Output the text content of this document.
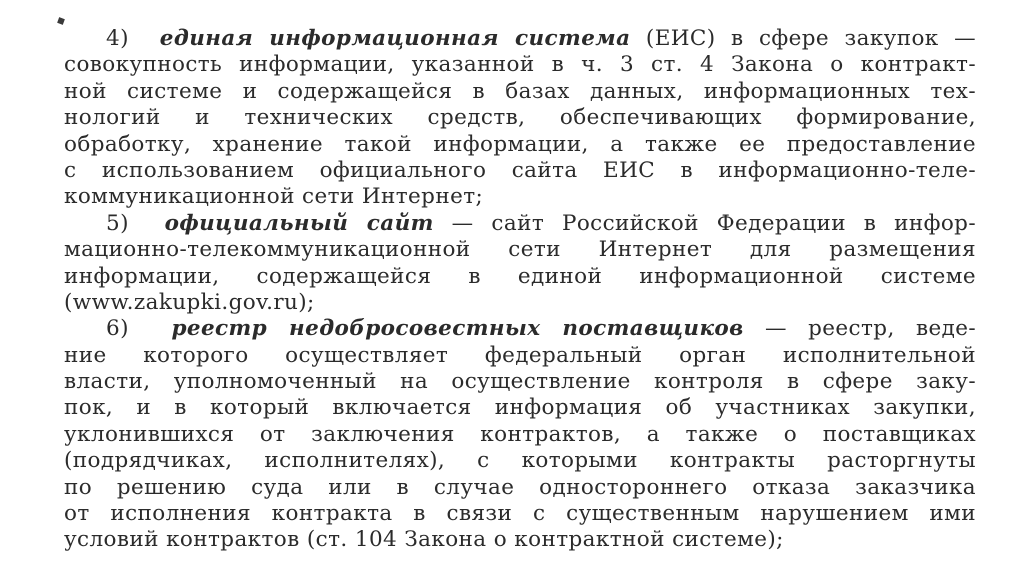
4) единая информационная система (ЕИС) в сфере закупок —
совокупность информации, указанной в ч. 3 ст. 4 Закона о контракт-
ной системе и содержащейся в базах данных, информационных тех-
нологий и технических средств, обеспечивающих формирование,
обработку, хранение такой информации, а также ее предоставление
с использованием официального сайта ЕИС в информационно-теле-
коммуникационной сети Интернет;
5) официальный сайт — сайт Российской Федерации в инфор-
мационно-телекоммуникационной сети Интернет для размещения
информации, содержащейся в единой информационной системе
(www.zakupki.gov.ru);
6) реестр недобросовестных поставщиков — реестр, веде-
ние которого осуществляет федеральный орган исполнительной
власти, уполномоченный на осуществление контроля в сфере заку-
пок, и в который включается информация об участниках закупки,
уклонившихся от заключения контрактов, а также о поставщиках
(подрядчиках, исполнителях), с которыми контракты расторгнуты
по решению суда или в случае одностороннего отказа заказчика
от исполнения контракта в связи с существенным нарушением ими
условий контрактов (ст. 104 Закона о контрактной системе);
